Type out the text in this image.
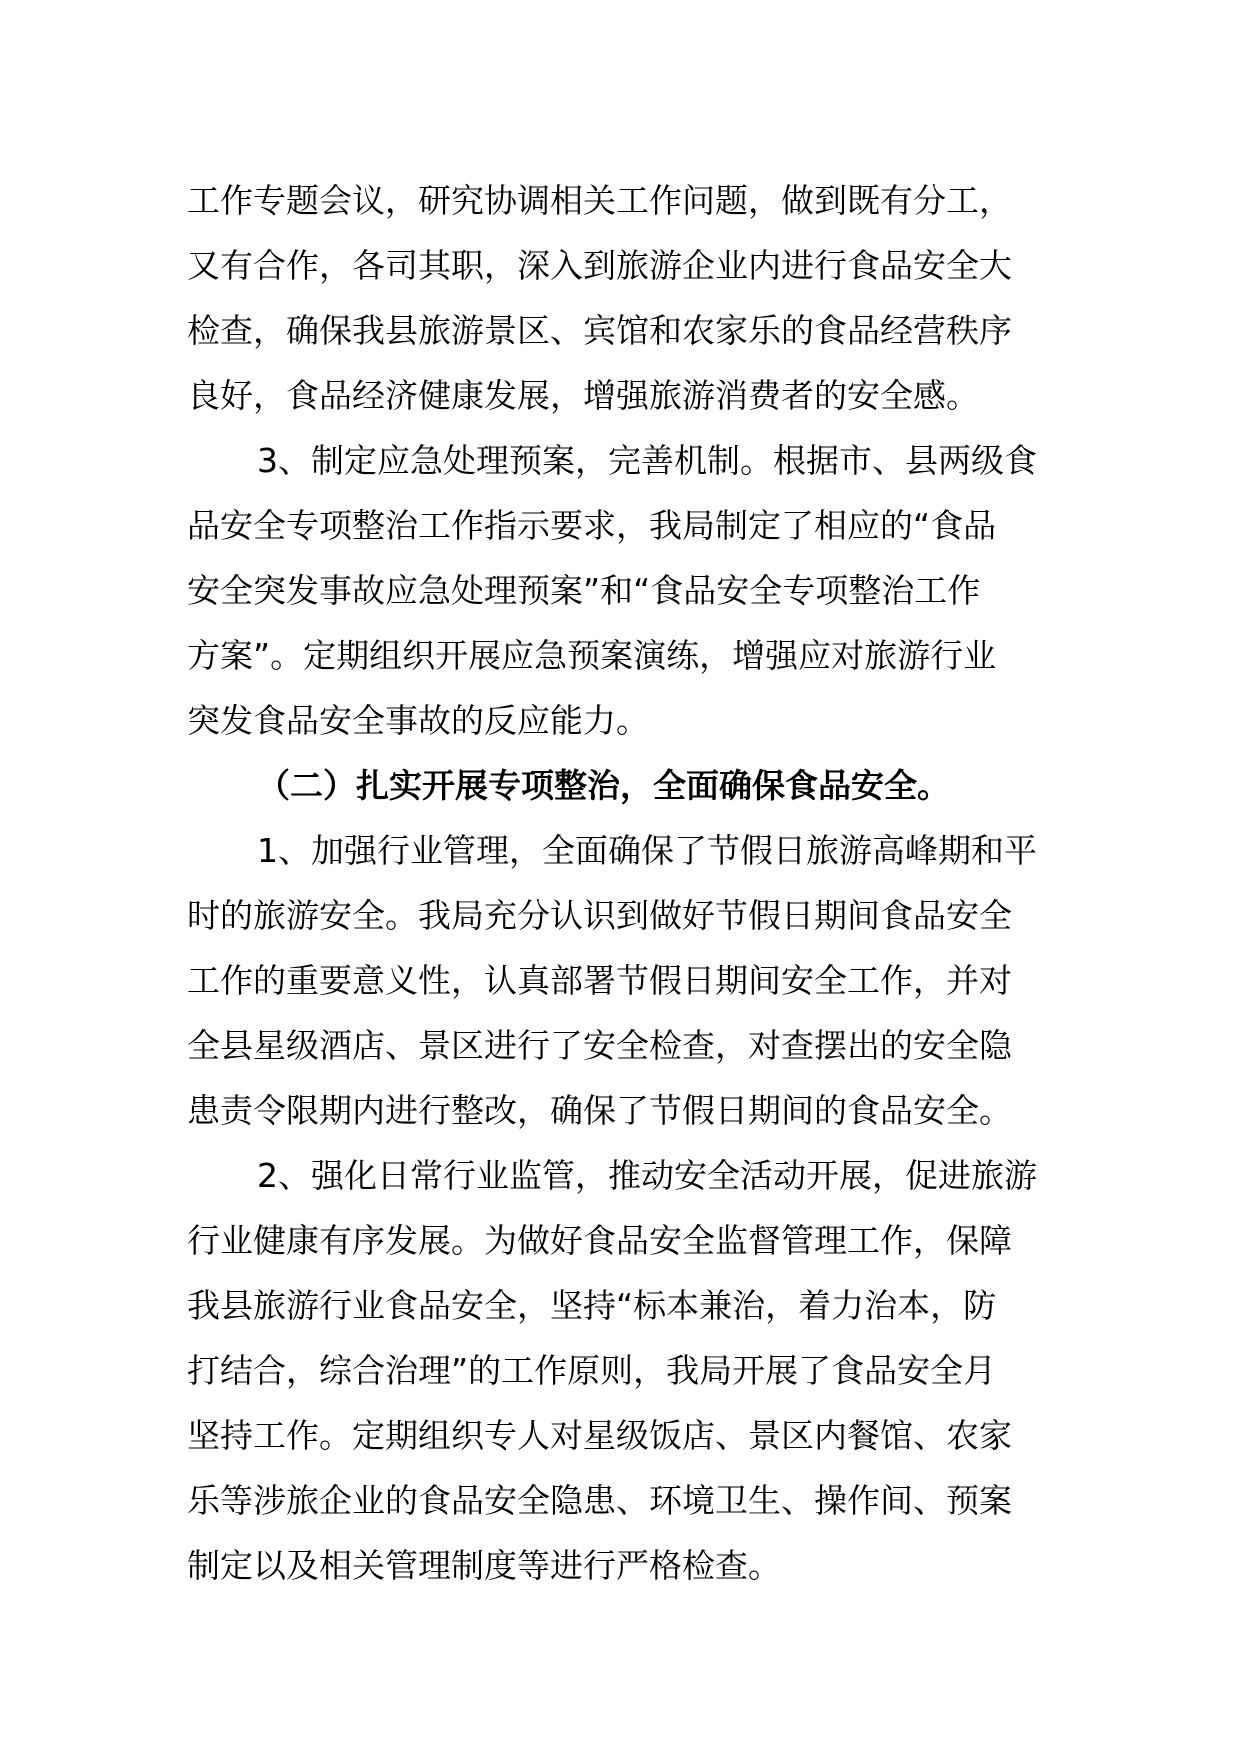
工作专题会议，研究协调相关工作问题，做到既有分工，
又有合作，各司其职，深入到旅游企业内进行食品安全大
检查，确保我县旅游景区、宾馆和农家乐的食品经营秩序
良好，食品经济健康发展，增强旅游消费者的安全感。
3、制定应急处理预案，完善机制。根据市、县两级食
品安全专项整治工作指示要求，我局制定了相应的“食品
安全突发事故应急处理预案”和“食品安全专项整治工作
方案”。定期组织开展应急预案演练，增强应对旅游行业
突发食品安全事故的反应能力。
（二）扎实开展专项整治，全面确保食品安全。
1、加强行业管理，全面确保了节假日旅游高峰期和平
时的旅游安全。我局充分认识到做好节假日期间食品安全
工作的重要意义性，认真部署节假日期间安全工作，并对
全县星级酒店、景区进行了安全检查，对查摆出的安全隐
患责令限期内进行整改，确保了节假日期间的食品安全。
2、强化日常行业监管，推动安全活动开展，促进旅游
行业健康有序发展。为做好食品安全监督管理工作，保障
我县旅游行业食品安全，坚持“标本兼治，着力治本，防
打结合，综合治理”的工作原则，我局开展了食品安全月
坚持工作。定期组织专人对星级饭店、景区内餐馆、农家
乐等涉旅企业的食品安全隐患、环境卫生、操作间、预案
制定以及相关管理制度等进行严格检查。
